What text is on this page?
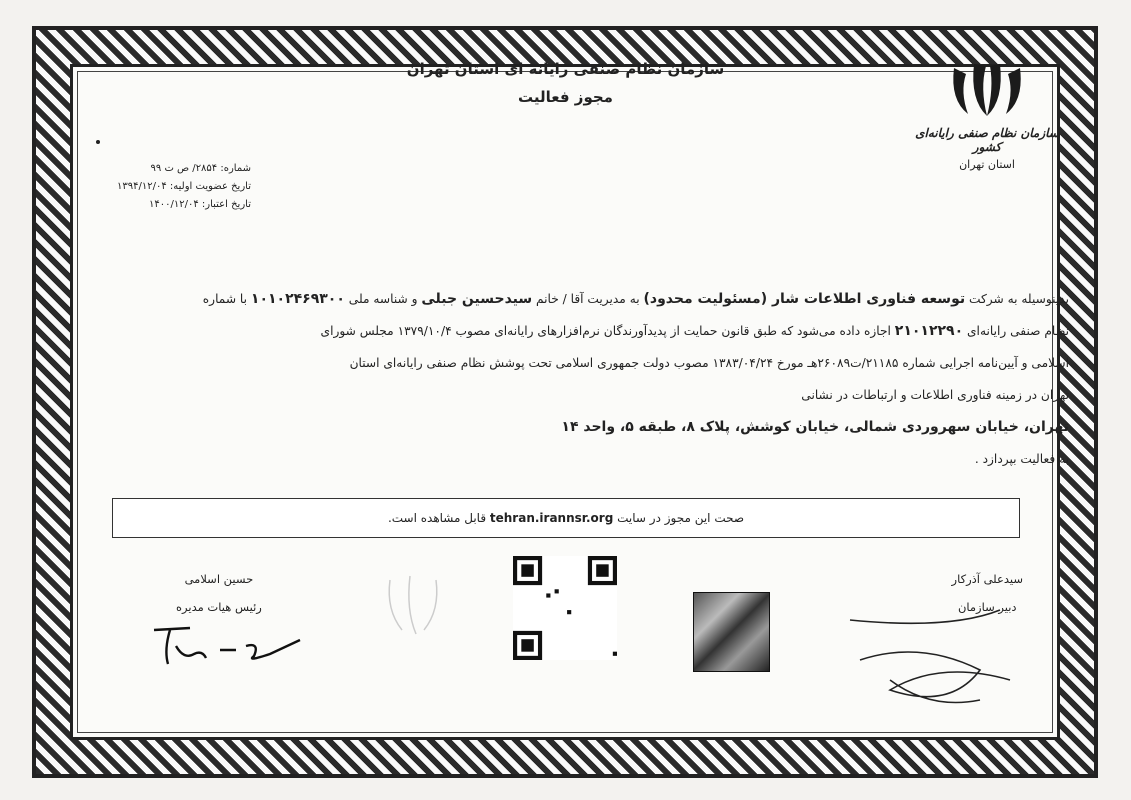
سازمان نظام صنفی رایانه ای استان تهران
مجوز فعالیت
سازمان نظام صنفی رایانه‌ای کشور
استان تهران
شماره: ۲۸۵۴/ ص ت ۹۹
تاریخ عضویت اولیه: ۱۳۹۴/۱۲/۰۴
تاریخ اعتبار: ۱۴۰۰/۱۲/۰۴
بدینوسیله به شرکت توسعه فناوری اطلاعات شار (مسئولیت محدود) به مدیریت آقا / خانم سیدحسین جبلی و شناسه ملی ۱۰۱۰۲۴۶۹۳۰۰ با شماره
نظام صنفی رایانه‌ای ۲۱۰۱۲۲۹۰ اجازه داده می‌شود که طبق قانون حمایت از پدیدآورندگان نرم‌افزارهای رایانه‌ای مصوب ۱۳۷۹/۱۰/۴ مجلس شورای
اسلامی و آیین‌نامه اجرایی شماره ۲۱۱۸۵/ت۲۶۰۸۹هـ مورخ ۱۳۸۳/۰۴/۲۴ مصوب دولت جمهوری اسلامی تحت پوشش نظام صنفی رایانه‌ای استان
تهران در زمینه فناوری اطلاعات و ارتباطات در نشانی
تهران، خیابان سهروردی شمالی، خیابان کوشش، پلاک ۸، طبقه ۵، واحد ۱۴
به فعالیت بپردازد .
صحت این مجوز در سایت tehran.irannsr.org قابل مشاهده است.
سیدعلی آذرکار
دبیر سازمان
حسین اسلامی
رئیس هیات مدیره
